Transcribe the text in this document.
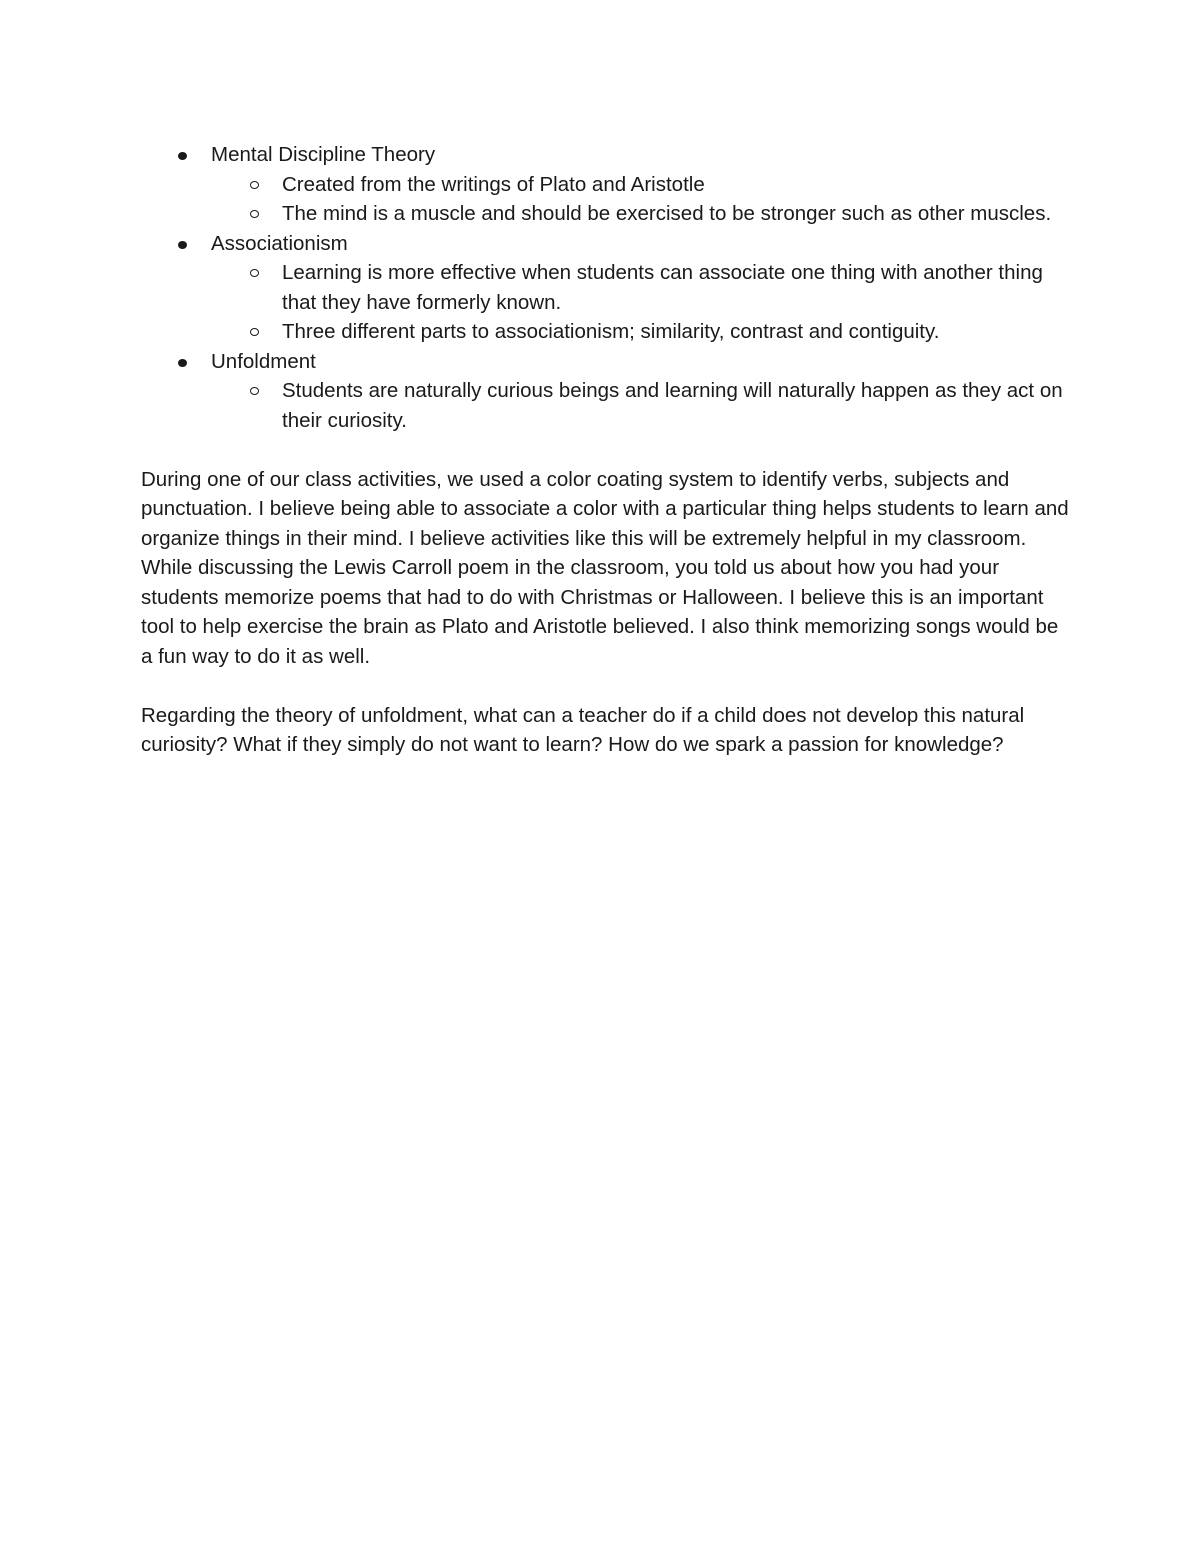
Mental Discipline Theory
Created from the writings of Plato and Aristotle
The mind is a muscle and should be exercised to be stronger such as other muscles.
Associationism
Learning is more effective when students can associate one thing with another thing that they have formerly known.
Three different parts to associationism; similarity, contrast and contiguity.
Unfoldment
Students are naturally curious beings and learning will naturally happen as they act on their curiosity.

During one of our class activities, we used a color coating system to identify verbs, subjects and punctuation. I believe being able to associate a color with a particular thing helps students to learn and organize things in their mind. I believe activities like this will be extremely helpful in my classroom.

While discussing the Lewis Carroll poem in the classroom, you told us about how you had your students memorize poems that had to do with Christmas or Halloween. I believe this is an important tool to help exercise the brain as Plato and Aristotle believed. I also think memorizing songs would be a fun way to do it as well.

Regarding the theory of unfoldment, what can a teacher do if a child does not develop this natural curiosity? What if they simply do not want to learn? How do we spark a passion for knowledge?
